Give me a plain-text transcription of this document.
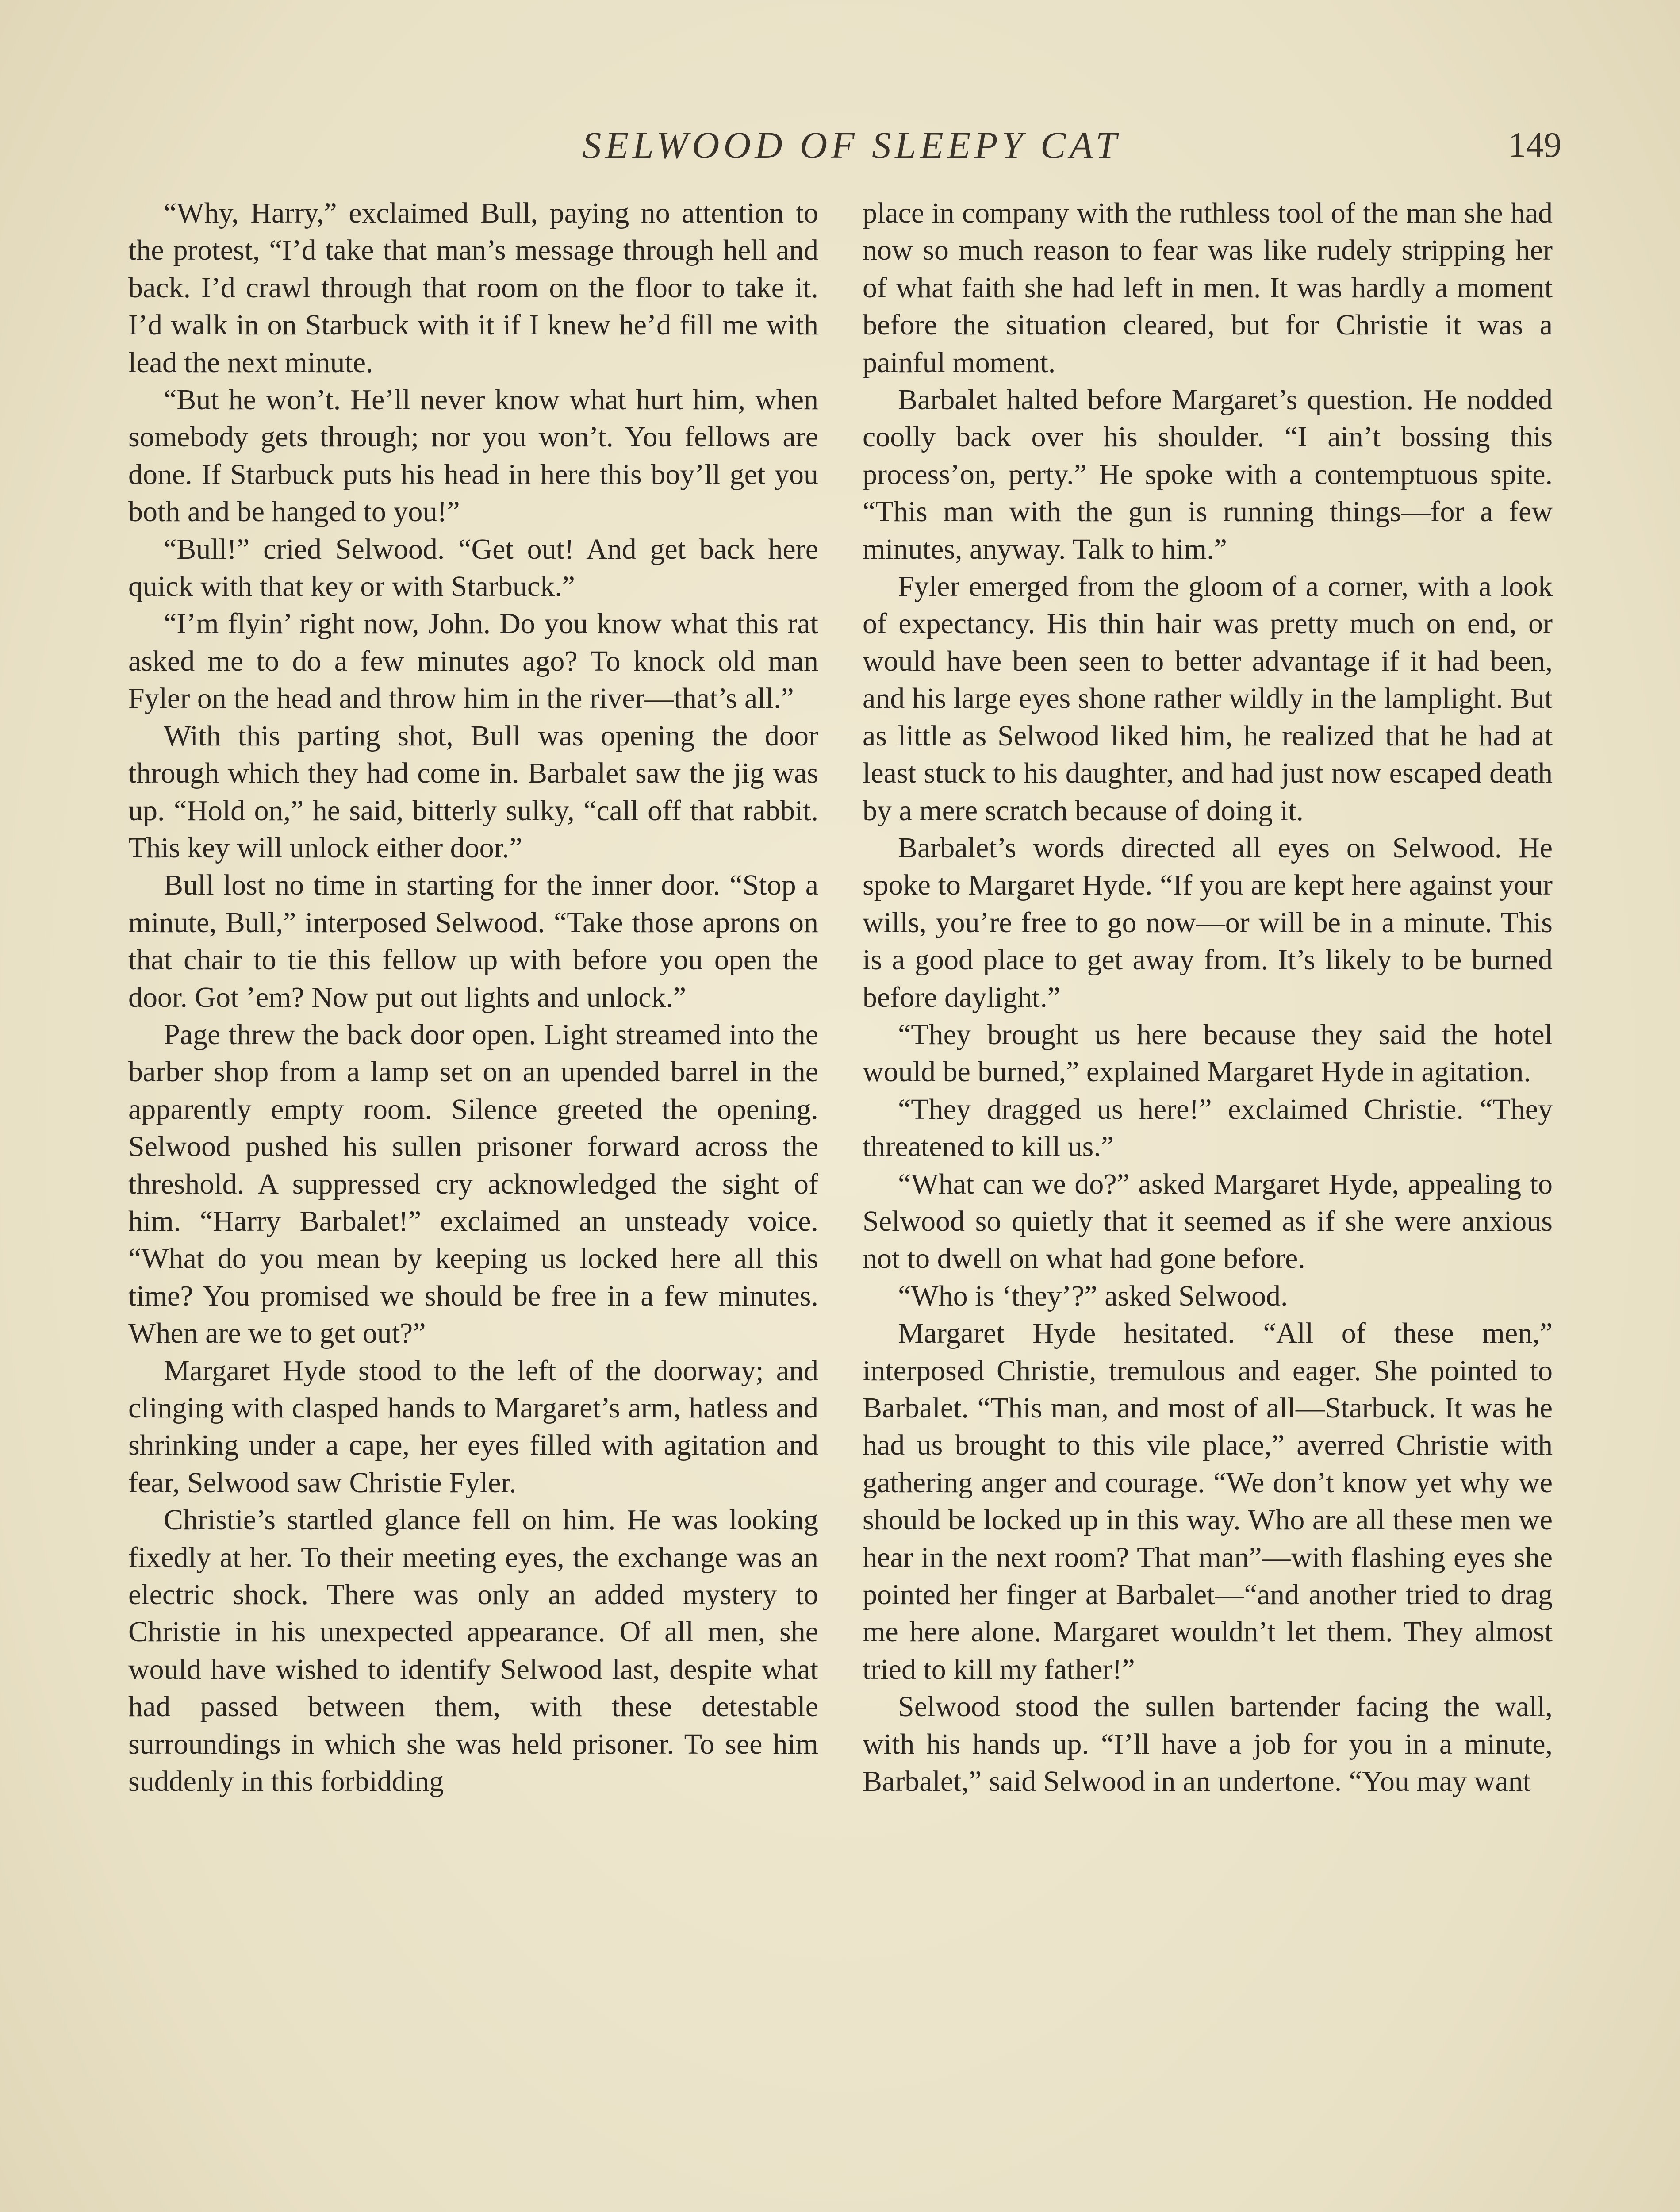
SELWOOD OF SLEEPY CAT	149

“Why, Harry,” exclaimed Bull, paying no attention to the protest, “I’d take that man’s message through hell and back. I’d crawl through that room on the floor to take it. I’d walk in on Starbuck with it if I knew he’d fill me with lead the next minute.

“But he won’t. He’ll never know what hurt him, when somebody gets through; nor you won’t. You fellows are done. If Starbuck puts his head in here this boy’ll get you both and be hanged to you!”

“Bull!” cried Selwood. “Get out! And get back here quick with that key or with Starbuck.”

“I’m flyin’ right now, John. Do you know what this rat asked me to do a few minutes ago? To knock old man Fyler on the head and throw him in the river—that’s all.”

With this parting shot, Bull was opening the door through which they had come in. Barbalet saw the jig was up. “Hold on,” he said, bitterly sulky, “call off that rabbit. This key will unlock either door.”

Bull lost no time in starting for the inner door. “Stop a minute, Bull,” interposed Selwood. “Take those aprons on that chair to tie this fellow up with before you open the door. Got ’em? Now put out lights and unlock.”

Page threw the back door open. Light streamed into the barber shop from a lamp set on an upended barrel in the apparently empty room. Silence greeted the opening. Selwood pushed his sullen prisoner forward across the threshold. A suppressed cry acknowledged the sight of him. “Harry Barbalet!” exclaimed an unsteady voice. “What do you mean by keeping us locked here all this time? You promised we should be free in a few minutes. When are we to get out?”

Margaret Hyde stood to the left of the doorway; and clinging with clasped hands to Margaret’s arm, hatless and shrinking under a cape, her eyes filled with agitation and fear, Selwood saw Christie Fyler.

Christie’s startled glance fell on him. He was looking fixedly at her. To their meeting eyes, the exchange was an electric shock. There was only an added mystery to Christie in his unexpected appearance. Of all men, she would have wished to identify Selwood last, despite what had passed between them, with these detestable surroundings in which she was held prisoner. To see him suddenly in this forbidding

place in company with the ruthless tool of the man she had now so much reason to fear was like rudely stripping her of what faith she had left in men. It was hardly a moment before the situation cleared, but for Christie it was a painful moment.

Barbalet halted before Margaret’s question. He nodded coolly back over his shoulder. “I ain’t bossing this process’on, perty.” He spoke with a contemptuous spite. “This man with the gun is running things—for a few minutes, anyway. Talk to him.”

Fyler emerged from the gloom of a corner, with a look of expectancy. His thin hair was pretty much on end, or would have been seen to better advantage if it had been, and his large eyes shone rather wildly in the lamplight. But as little as Selwood liked him, he realized that he had at least stuck to his daughter, and had just now escaped death by a mere scratch because of doing it.

Barbalet’s words directed all eyes on Selwood. He spoke to Margaret Hyde. “If you are kept here against your wills, you’re free to go now—or will be in a minute. This is a good place to get away from. It’s likely to be burned before daylight.”

“They brought us here because they said the hotel would be burned,” explained Margaret Hyde in agitation.

“They dragged us here!” exclaimed Christie. “They threatened to kill us.”

“What can we do?” asked Margaret Hyde, appealing to Selwood so quietly that it seemed as if she were anxious not to dwell on what had gone before.

“Who is ‘they’?” asked Selwood.

Margaret Hyde hesitated. “All of these men,” interposed Christie, tremulous and eager. She pointed to Barbalet. “This man, and most of all—Starbuck. It was he had us brought to this vile place,” averred Christie with gathering anger and courage. “We don’t know yet why we should be locked up in this way. Who are all these men we hear in the next room? That man”—with flashing eyes she pointed her finger at Barbalet—“and another tried to drag me here alone. Margaret wouldn’t let them. They almost tried to kill my father!”

Selwood stood the sullen bartender facing the wall, with his hands up. “I’ll have a job for you in a minute, Barbalet,” said Selwood in an undertone. “You may want
